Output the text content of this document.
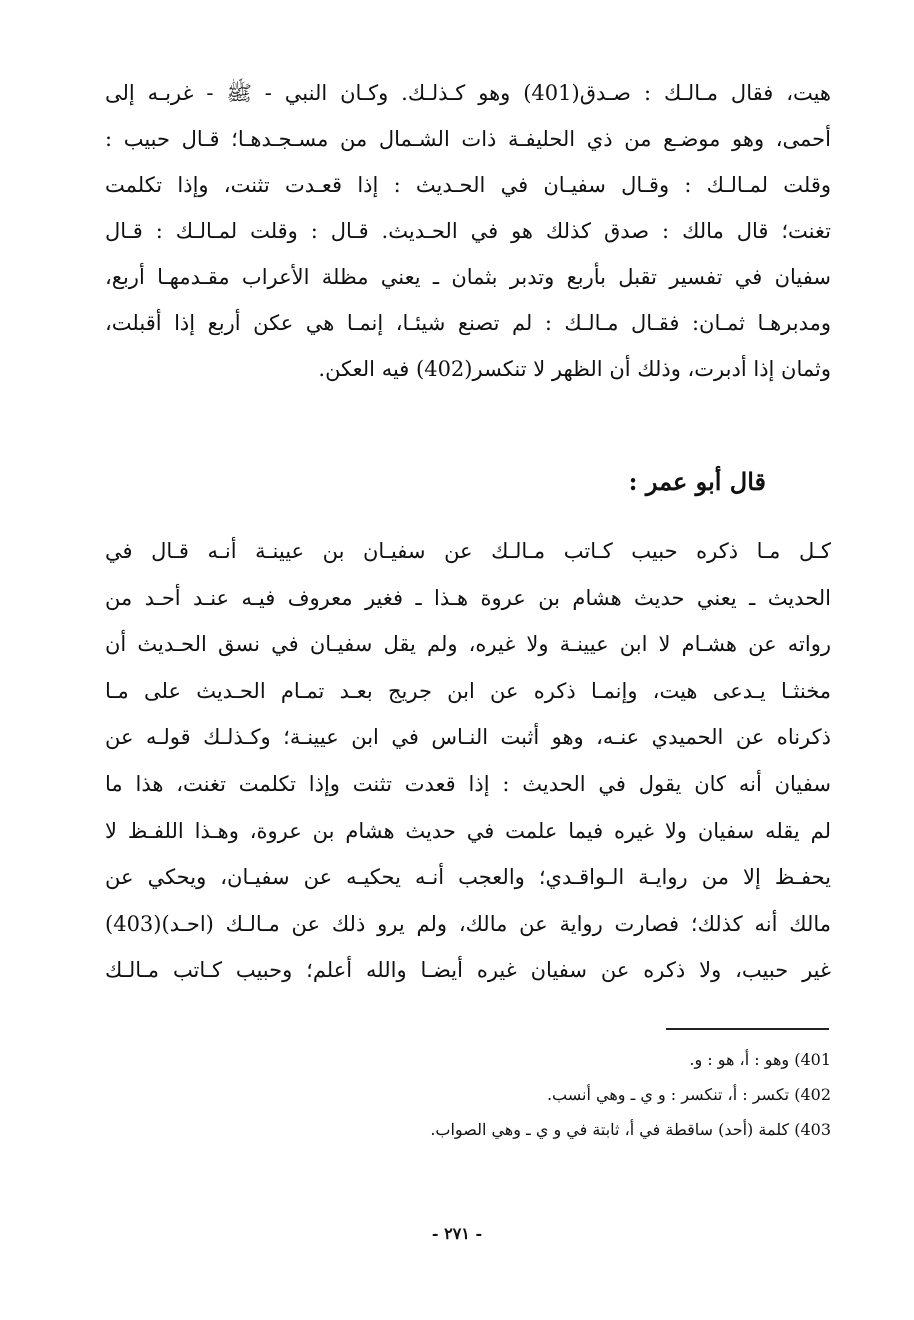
هيت، فقال مـالـك : صـدق(401) وهو كـذلـك. وكـان النبي - ﷺ - غربـه إلى
أحمى، وهو موضـع من ذي الحليفـة ذات الشـمال من مسـجـدهـا؛ قـال حبيب :
وقلت لمـالـك : وقـال سفيـان في الحـديث : إذا قعـدت تثنت، وإذا تكلمت
تغنت؛ قال مالك : صدق كذلك هو في الحـديث. قـال : وقلت لمـالـك : قـال
سفيان في تفسير تقبل بأربع وتدبر بثمان ـ يعني مظلة الأعراب مقـدمهـا أربع،
ومدبرهـا ثمـان: فقـال مـالـك : لم تصنع شيئـا، إنمـا هي عكن أربع إذا أقبلت،
وثمان إذا أدبرت، وذلك أن الظهر لا تنكسر(402) فيه العكن.
قال أبو عمر :
كـل مـا ذكره حبيب كـاتب مـالـك عن سفيـان بن عيينـة أنـه قـال في
الحديث ـ يعني حديث هشام بن عروة هـذا ـ فغير معروف فيـه عنـد أحـد من
رواته عن هشـام لا ابن عيينـة ولا غيره، ولم يقل سفيـان في نسق الحـديث أن
مخنثـا يـدعى هيت، وإنمـا ذكره عن ابن جريج بعـد تمـام الحـديث على مـا
ذكرناه عن الحميدي عنـه، وهو أثبت النـاس في ابن عيينـة؛ وكـذلـك قولـه عن
سفيان أنه كان يقول في الحديث : إذا قعدت تثنت وإذا تكلمت تغنت، هذا ما
لم يقله سفيان ولا غيره فيما علمت في حديث هشام بن عروة، وهـذا اللفـظ لا
يحفـظ إلا من روايـة الـواقـدي؛ والعجب أنـه يحكيـه عن سفيـان، ويحكي عن
مالك أنه كذلك؛ فصارت رواية عن مالك، ولم يرو ذلك عن مـالـك (احـد)(403)
غير حبيب، ولا ذكره عن سفيان غيره أيضـا والله أعلم؛ وحبيب كـاتب مـالـك
401) وهو : أ، هو : و.
402) تكسر : أ، تنكسر : و ي ـ وهي أنسب.
403) كلمة (أحد) ساقطة في أ، ثابتة في و ي ـ وهي الصواب.
- ٢٧١ -
